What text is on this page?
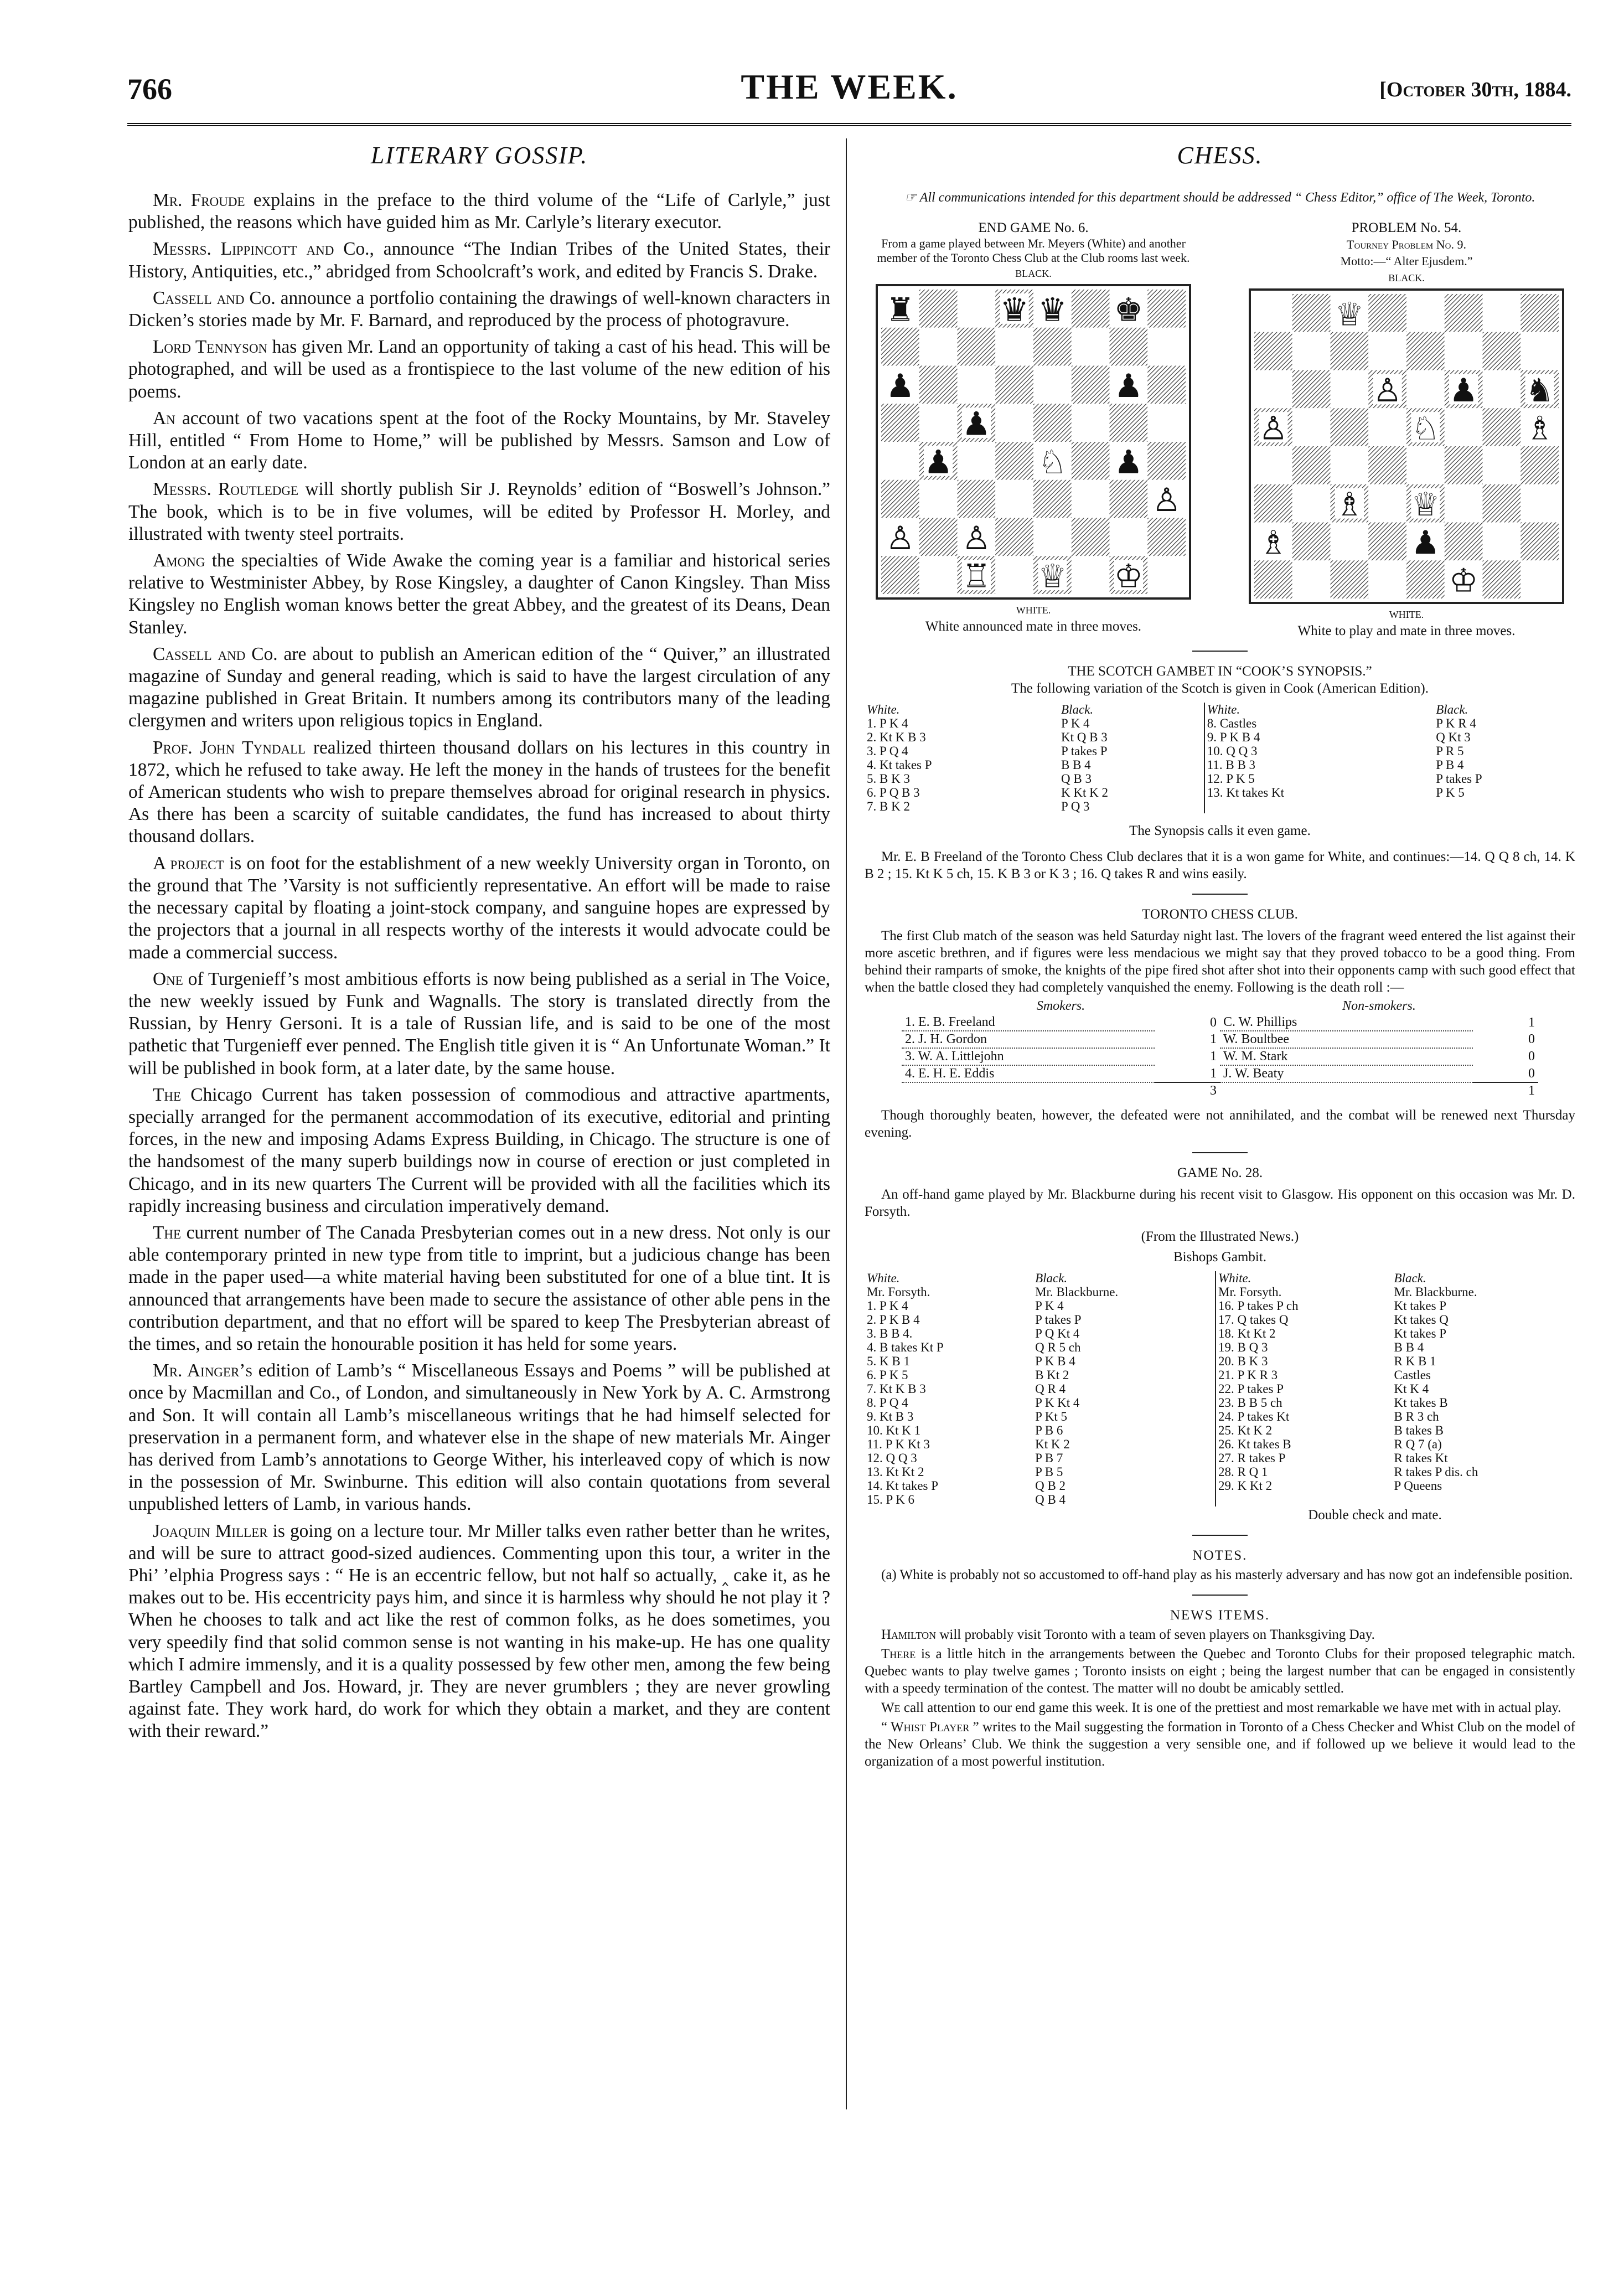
766	THE WEEK.	[October 30th, 1884.
LITERARY GOSSIP.

Mr. Froude explains in the preface to the third volume of the “Life of Carlyle,” just published, the reasons which have guided him as Mr. Carlyle’s literary executor.

Messrs. Lippincott and Co., announce “The Indian Tribes of the United States, their History, Antiquities, etc.,” abridged from Schoolcraft’s work, and edited by Francis S. Drake.

Cassell and Co. announce a portfolio containing the drawings of well-known characters in Dicken’s stories made by Mr. F. Barnard, and reproduced by the process of photogravure.

Lord Tennyson has given Mr. Land an opportunity of taking a cast of his head. This will be photographed, and will be used as a frontispiece to the last volume of the new edition of his poems.

An account of two vacations spent at the foot of the Rocky Mountains, by Mr. Staveley Hill, entitled “ From Home to Home,” will be published by Messrs. Samson and Low of London at an early date.

Messrs. Routledge will shortly publish Sir J. Reynolds’ edition of “Boswell’s Johnson.” The book, which is to be in five volumes, will be edited by Professor H. Morley, and illustrated with twenty steel portraits.

Among the specialties of Wide Awake the coming year is a familiar and historical series relative to Westminister Abbey, by Rose Kingsley, a daughter of Canon Kingsley. Than Miss Kingsley no English woman knows better the great Abbey, and the greatest of its Deans, Dean Stanley.

Cassell and Co. are about to publish an American edition of the “ Quiver,” an illustrated magazine of Sunday and general reading, which is said to have the largest circulation of any magazine published in Great Britain. It numbers among its contributors many of the leading clergymen and writers upon religious topics in England.

Prof. John Tyndall realized thirteen thousand dollars on his lectures in this country in 1872, which he refused to take away. He left the money in the hands of trustees for the benefit of American students who wish to prepare themselves abroad for original research in physics. As there has been a scarcity of suitable candidates, the fund has increased to about thirty thousand dollars.

A project is on foot for the establishment of a new weekly University organ in Toronto, on the ground that The ’Varsity is not sufficiently representative. An effort will be made to raise the necessary capital by floating a joint-stock company, and sanguine hopes are expressed by the projectors that a journal in all respects worthy of the interests it would advocate could be made a commercial success.

One of Turgenieff’s most ambitious efforts is now being published as a serial in The Voice, the new weekly issued by Funk and Wagnalls. The story is translated directly from the Russian, by Henry Gersoni. It is a tale of Russian life, and is said to be one of the most pathetic that Turgenieff ever penned. The English title given it is “ An Unfortunate Woman.” It will be published in book form, at a later date, by the same house.

The Chicago Current has taken possession of commodious and attractive apartments, specially arranged for the permanent accommodation of its executive, editorial and printing forces, in the new and imposing Adams Express Building, in Chicago. The structure is one of the handsomest of the many superb buildings now in course of erection or just completed in Chicago, and in its new quarters The Current will be provided with all the facilities which its rapidly increasing business and circulation imperatively demand.

The current number of The Canada Presbyterian comes out in a new dress. Not only is our able contemporary printed in new type from title to imprint, but a judicious change has been made in the paper used—a white material having been substituted for one of a blue tint. It is announced that arrangements have been made to secure the assistance of other able pens in the contribution department, and that no effort will be spared to keep The Presbyterian abreast of the times, and so retain the honourable position it has held for some years.

Mr. Ainger’s edition of Lamb’s “ Miscellaneous Essays and Poems ” will be published at once by Macmillan and Co., of London, and simultaneously in New York by A. C. Armstrong and Son. It will contain all Lamb’s miscellaneous writings that he had himself selected for preservation in a permanent form, and whatever else in the shape of new materials Mr. Ainger has derived from Lamb’s annotations to George Wither, his interleaved copy of which is now in the possession of Mr. Swinburne. This edition will also contain quotations from several unpublished letters of Lamb, in various hands.

Joaquin Miller is going on a lecture tour. Mr Miller talks even rather better than he writes, and will be sure to attract good-sized audiences. Commenting upon this tour, a writer in the Phi’ ’elphia Progress says : “ He is an eccentric fellow, but not half so actually, ‸ cake it, as he makes out to be. His eccentricity pays him, and since it is harmless why should he not play it ? When he chooses to talk and act like the rest of common folks, as he does sometimes, you very speedily find that solid common sense is not wanting in his make-up. He has one quality which I admire immensly, and it is a quality possessed by few other men, among the few being Bartley Campbell and Jos. Howard, jr. They are never grumblers ; they are never growling against fate. They work hard, do work for which they obtain a market, and they are content with their reward.”

CHESS.
☞ All communications intended for this department should be addressed “ Chess Editor,” office of The Week, Toronto.
END GAME No. 6.
From a game played between Mr. Meyers (White) and another member of the Toronto Chess Club at the Club rooms last week.
BLACK.
WHITE.
White announced mate in three moves.
PROBLEM No. 54.
Tourney Problem No. 9.
Motto:—“ Alter Ejusdem.”
BLACK.
WHITE.
White to play and mate in three moves.
THE SCOTCH GAMBET IN “COOK’S SYNOPSIS.”
The following variation of the Scotch is given in Cook (American Edition).
White.	Black.	White.	Black.
1. P K 4	P K 4	8. Castles	P K R 4
2. Kt K B 3	Kt Q B 3	9. P K B 4	Q Kt 3
3. P Q 4	P takes P	10. Q Q 3	P R 5
4. Kt takes P	B B 4	11. B B 3	P B 4
5. B K 3	Q B 3	12. P K 5	P takes P
6. P Q B 3	K Kt K 2	13. Kt takes Kt	P K 5
7. B K 2	P Q 3		
The Synopsis calls it even game.
Mr. E. B Freeland of the Toronto Chess Club declares that it is a won game for White, and continues:—14. Q Q 8 ch, 14. K B 2 ; 15. Kt K 5 ch, 15. K B 3 or K 3 ; 16. Q takes R and wins easily.
TORONTO CHESS CLUB.
The first Club match of the season was held Saturday night last. The lovers of the fragrant weed entered the list against their more ascetic brethren, and if figures were less mendacious we might say that they proved tobacco to be a good thing. From behind their ramparts of smoke, the knights of the pipe fired shot after shot into their opponents camp with such good effect that when the battle closed they had completely vanquished the enemy. Following is the death roll :—
Smokers.		Non-smokers.	
1. E. B. Freeland	0	C. W. Phillips	1
2. J. H. Gordon	1	W. Boultbee	0
3. W. A. Littlejohn	1	W. M. Stark	0
4. E. H. E. Eddis	1	J. W. Beaty	0
	3		1
Though thoroughly beaten, however, the defeated were not annihilated, and the combat will be renewed next Thursday evening.
GAME No. 28.
An off-hand game played by Mr. Blackburne during his recent visit to Glasgow. His opponent on this occasion was Mr. D. Forsyth.
(From the Illustrated News.)
Bishops Gambit.
White.	Black.	White.	Black.
Mr. Forsyth.	Mr. Blackburne.	Mr. Forsyth.	Mr. Blackburne.
1. P K 4	P K 4	16. P takes P ch	Kt takes P
2. P K B 4	P takes P	17. Q takes Q	Kt takes Q
3. B B 4.	P Q Kt 4	18. Kt Kt 2	Kt takes P
4. B takes Kt P	Q R 5 ch	19. B Q 3	B B 4
5. K B 1	P K B 4	20. B K 3	R K B 1
6. P K 5	B Kt 2	21. P K R 3	Castles
7. Kt K B 3	Q R 4	22. P takes P	Kt K 4
8. P Q 4	P K Kt 4	23. B B 5 ch	Kt takes B
9. Kt B 3	P Kt 5	24. P takes Kt	B R 3 ch
10. Kt K 1	P B 6	25. Kt K 2	B takes B
11. P K Kt 3	Kt K 2	26. Kt takes B	R Q 7 (a)
12. Q Q 3	P B 7	27. R takes P	R takes Kt
13. Kt Kt 2	P B 5	28. R Q 1	R takes P dis. ch
14. Kt takes P	Q B 2	29. K Kt 2	P Queens
15. P K 6	Q B 4		
Double check and mate.
NOTES.
(a) White is probably not so accustomed to off-hand play as his masterly adversary and has now got an indefensible position.
NEWS ITEMS.
Hamilton will probably visit Toronto with a team of seven players on Thanksgiving Day.
There is a little hitch in the arrangements between the Quebec and Toronto Clubs for their proposed telegraphic match. Quebec wants to play twelve games ; Toronto insists on eight ; being the largest number that can be engaged in consistently with a speedy termination of the contest. The matter will no doubt be amicably settled.
We call attention to our end game this week. It is one of the prettiest and most remarkable we have met with in actual play.
“ Whist Player ” writes to the Mail suggesting the formation in Toronto of a Chess Checker and Whist Club on the model of the New Orleans’ Club. We think the suggestion a very sensible one, and if followed up we believe it would lead to the organization of a most powerful institution.
